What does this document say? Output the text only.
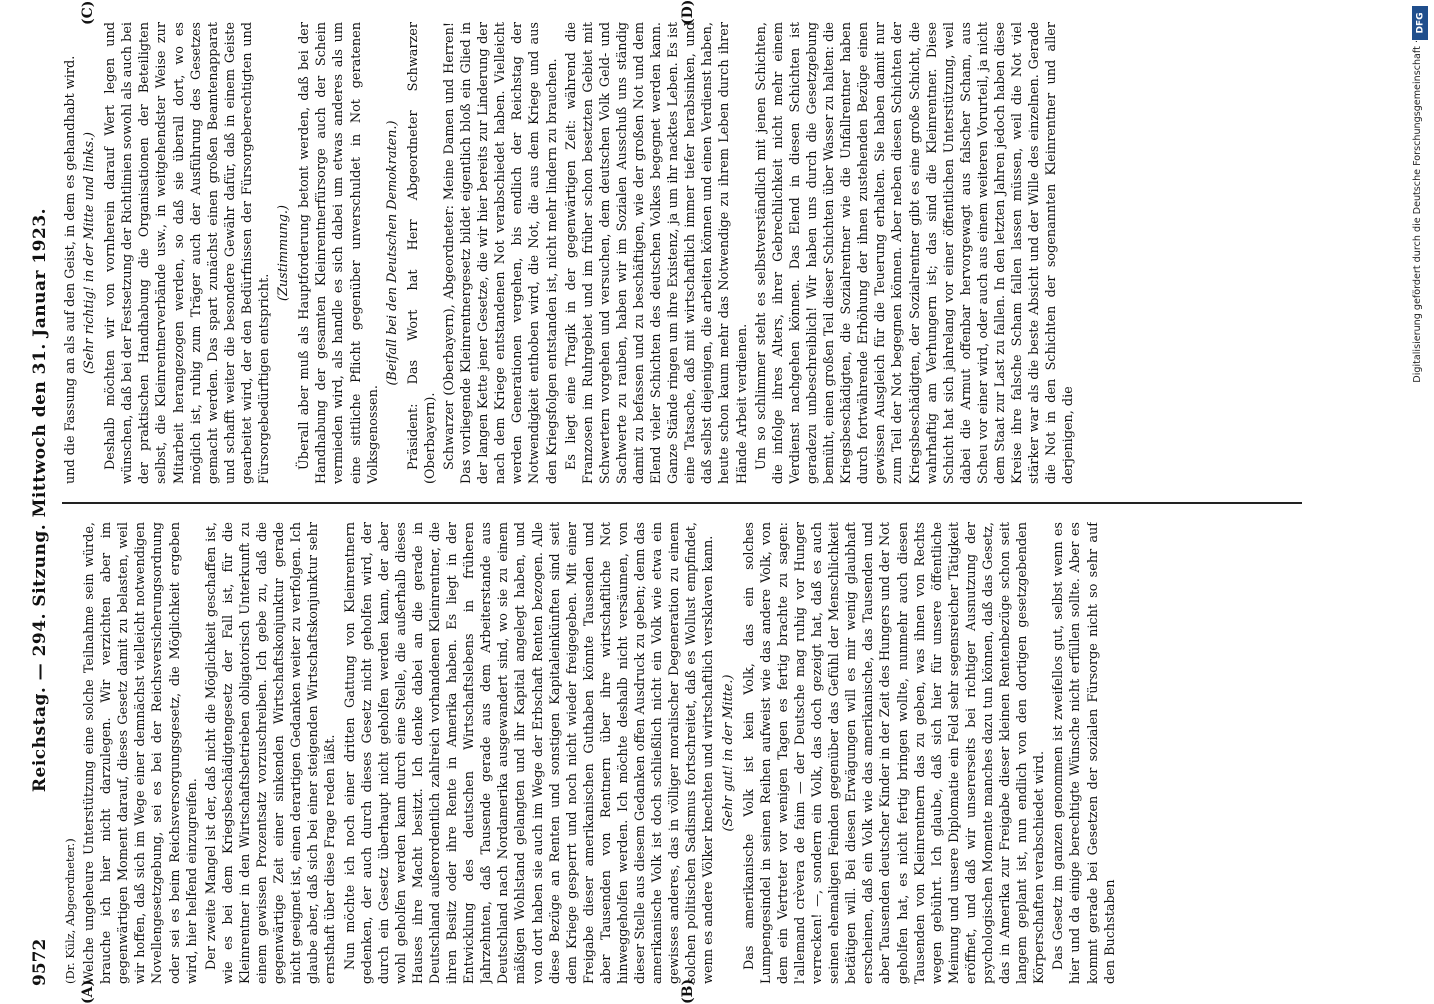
9572
Reichstag. — 294. Sitzung. Mittwoch den 31. Januar 1923.
(A)	(B)
(C)	(D)

(Dr. Külz, Abgeordneter.) Welche ungeheure Unterstützung eine solche Teilnahme sein würde, brauche ich hier nicht darzulegen. Wir verzichten aber im gegenwärtigen Moment darauf, dieses Gesetz damit zu belasten, weil wir hoffen, daß sich im Wege einer demnächst vielleicht notwendigen Novellengesetzgebung, sei es bei der Reichsversicherungsordnung oder sei es beim Reichsversorgungsgesetz, die Möglichkeit ergeben wird, hier helfend einzugreifen. Der zweite Mangel ist der, daß nicht die Möglichkeit geschaffen ist, wie es bei dem Kriegsbeschädigtengesetz der Fall ist, für die Kleinrentner in den Wirtschaftsbetrieben obligatorisch Unterkunft zu einem gewissen Prozentsatz vorzuschreiben. Ich gebe zu, daß die gegenwärtige Zeit einer sinkenden Wirtschaftskonjunktur gerade nicht geeignet ist, einen derartigen Gedanken weiter zu verfolgen. Ich glaube aber, daß sich bei einer steigenden Wirtschaftskonjunktur sehr ernsthaft über diese Frage reden läßt. Nun möchte ich noch einer dritten Gattung von Kleinrentnern gedenken, der auch durch dieses Gesetz nicht geholfen wird, der durch ein Gesetz überhaupt nicht geholfen werden kann, der aber wohl geholfen werden kann durch eine Stelle, die außerhalb dieses Hauses ihre Macht besitzt. Ich denke dabei an die gerade in Deutschland außerordentlich zahlreich vorhandenen Kleinrentner, die ihren Besitz oder ihre Rente in Amerika haben. Es liegt in der Entwicklung des deutschen Wirtschaftslebens in früheren Jahrzehnten, daß Tausende gerade aus dem Arbeiterstande aus Deutschland nach Nordamerika ausgewandert sind, wo sie zu einem mäßigen Wohlstand gelangten und ihr Kapital angelegt haben, und von dort haben sie auch im Wege der Erbschaft Renten bezogen. Alle diese Bezüge an Renten und sonstigen Kapitaleinkünften sind seit dem Kriege gesperrt und noch nicht wieder freigegeben. Mit einer Freigabe dieser amerikanischen Guthaben könnte Tausenden und aber Tausenden von Rentnern über ihre wirtschaftliche Not hinweggeholfen werden. Ich möchte deshalb nicht versäumen, von dieser Stelle aus diesem Gedanken offen Ausdruck zu geben; denn das amerikanische Volk ist doch schließlich nicht ein Volk wie etwa ein gewisses anderes, das in völliger moralischer Degeneration zu einem solchen politischen Sadismus fortschreitet, daß es Wollust empfindet, wenn es andere Völker knechten und wirtschaftlich versklaven kann. (Sehr gut! in der Mitte.) Das amerikanische Volk ist kein Volk, das ein solches Lumpengesindel in seinen Reihen aufweist wie das andere Volk, von dem ein Vertreter vor wenigen Tagen es fertig brachte zu sagen: l'allemand crèvera de faim — der Deutsche mag ruhig vor Hunger verrecken! —, sondern ein Volk, das doch gezeigt hat, daß es auch seinen ehemaligen Feinden gegenüber das Gefühl der Menschlichkeit betätigen will. Bei diesen Erwägungen will es mir wenig glaubhaft erscheinen, daß ein Volk wie das amerikanische, das Tausenden und aber Tausenden deutscher Kinder in der Zeit des Hungers und der Not geholfen hat, es nicht fertig bringen wollte, nunmehr auch diesen Tausenden von Kleinrentnern das zu geben, was ihnen von Rechts wegen gebührt. Ich glaube, daß sich hier für unsere öffentliche Meinung und unsere Diplomatie ein Feld sehr segensreicher Tätigkeit eröffnet, und daß wir unsererseits bei richtiger Ausnutzung der psychologischen Momente manches dazu tun können, daß das Gesetz, das in Amerika zur Freigabe dieser kleinen Rentenbezüge schon seit langem geplant ist, nun endlich von den dortigen gesetzgebenden Körperschaften verabschiedet wird. Das Gesetz im ganzen genommen ist zweifellos gut, selbst wenn es hier und da einige berechtigte Wünsche nicht erfüllen sollte. Aber es kommt gerade bei Gesetzen der sozialen Fürsorge nicht so sehr auf den Buchstaben

und die Fassung an als auf den Geist, in dem es gehandhabt wird. (Sehr richtig! in der Mitte und links.) Deshalb möchten wir von vornherein darauf Wert legen und wünschen, daß bei der Festsetzung der Richtlinien sowohl als auch bei der praktischen Handhabung die Organisationen der Beteiligten selbst, die Kleinrentnerverbände usw., in weitgehendster Weise zur Mitarbeit herangezogen werden, so daß sie überall dort, wo es möglich ist, ruhig zum Träger auch der Ausführung des Gesetzes gemacht werden. Das spart zunächst einen großen Beamtenapparat und schafft weiter die besondere Gewähr dafür, daß in einem Geiste gearbeitet wird, der den Bedürfnissen der Fürsorgeberechtigten und Fürsorgebedürftigen entspricht.

(Zustimmung.) Überall aber muß als Hauptforderung betont werden, daß bei der Handhabung der gesamten Kleinrentnerfürsorge auch der Schein vermieden wird, als handle es sich dabei um etwas anderes als um eine sittliche Pflicht gegenüber unverschuldet in Not geratenen Volksgenossen.

(Beifall bei den Deutschen Demokraten.) Präsident: Das Wort hat Herr Abgeordneter Schwarzer (Oberbayern). Schwarzer (Oberbayern), Abgeordneter: Meine Damen und Herren! Das vorliegende Kleinrentnergesetz bildet eigentlich bloß ein Glied in der langen Kette jener Gesetze, die wir hier bereits zur Linderung der nach dem Kriege entstandenen Not verabschiedet haben. Vielleicht werden Generationen vergehen, bis endlich der Reichstag der Notwendigkeit enthoben wird, die Not, die aus dem Kriege und aus den Kriegsfolgen entstanden ist, nicht mehr lindern zu brauchen. Es liegt eine Tragik in der gegenwärtigen Zeit: während die Franzosen im Ruhrgebiet und im früher schon besetzten Gebiet mit Schwertern vorgehen und versuchen, dem deutschen Volk Geld- und Sachwerte zu rauben, haben wir im Sozialen Ausschuß uns ständig damit zu befassen und zu beschäftigen, wie der großen Not und dem Elend vieler Schichten des deutschen Volkes begegnet werden kann. Ganze Stände ringen um ihre Existenz, ja um ihr nacktes Leben. Es ist eine Tatsache, daß mit wirtschaftlich immer tiefer herabsinken, und daß selbst diejenigen, die arbeiten können und einen Verdienst haben, heute schon kaum mehr das Notwendige zu ihrem Leben durch ihrer Hände Arbeit verdienen. Um so schlimmer steht es selbstverständlich mit jenen Schichten, die infolge ihres Alters, ihrer Gebrechlichkeit nicht mehr einem Verdienst nachgehen können. Das Elend in diesen Schichten ist geradezu unbeschreiblich! Wir haben uns durch die Gesetzgebung bemüht, einen großen Teil dieser Schichten über Wasser zu halten: die Kriegsbeschädigten, die Sozialrentner wie die Unfallrentner haben durch fortwährende Erhöhung der ihnen zustehenden Bezüge einen gewissen Ausgleich für die Teuerung erhalten. Sie haben damit nur zum Teil der Not begegnen können. Aber neben diesen Schichten der Kriegsbeschädigten, der Sozialrentner gibt es eine große Schicht, die wahrhaftig am Verhungern ist; das sind die Kleinrentner. Diese Schicht hat sich jahrelang vor einer öffentlichen Unterstützung, weil dabei die Armut offenbar hervorgewagt aus falscher Scham, aus Scheu vor einer wird, oder auch aus einem weiteren Vorurteil, ja nicht dem Staat zur Last zu fallen. In den letzten Jahren jedoch haben diese Kreise ihre falsche Scham fallen lassen müssen, weil die Not viel stärker war als die beste Absicht und der Wille des einzelnen. Gerade die Not in den Schichten der sogenannten Kleinrentner und aller derjenigen, die

Digitalisierung gefördert durch die Deutsche Forschungsgemeinschaft ·
DFG
